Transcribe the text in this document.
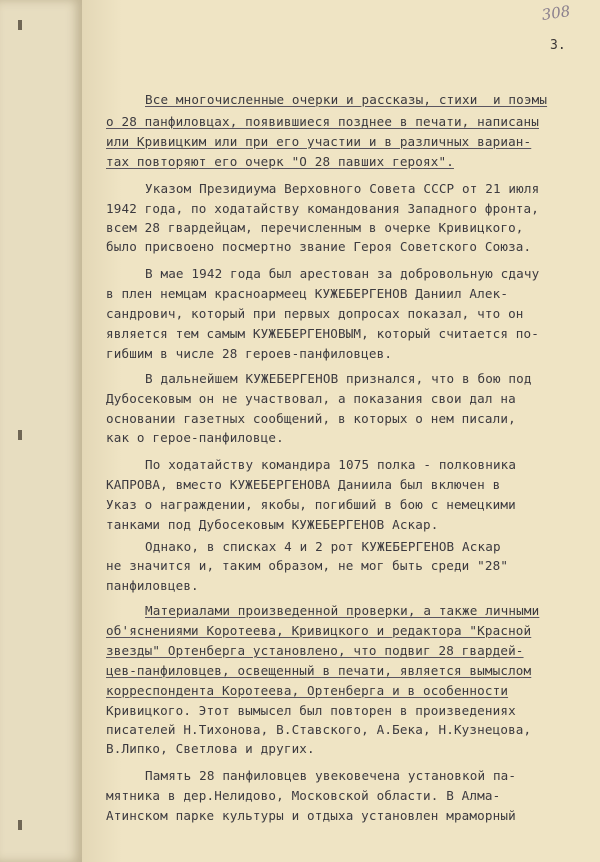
308
3.
Все многочисленные очерки и рассказы, стихи  и поэмы
о 28 панфиловцах, появившиеся позднее в печати, написаны
или Кривицким или при его участии и в различных вариан-
тах повторяют его очерк "О 28 павших героях".
Указом Президиума Верховного Совета СССР от 21 июля
1942 года, по ходатайству командования Западного фронта,
всем 28 гвардейцам, перечисленным в очерке Кривицкого,
было присвоено посмертно звание Героя Советского Союза.
В мае 1942 года был арестован за добровольную сдачу
в плен немцам красноармеец КУЖЕБЕРГЕНОВ Даниил Алек-
сандрович, который при первых допросах показал, что он
является тем самым КУЖЕБЕРГЕНОВЫМ, который считается по-
гибшим в числе 28 героев-панфиловцев.
В дальнейшем КУЖЕБЕРГЕНОВ признался, что в бою под
Дубосековым он не участвовал, а показания свои дал на
основании газетных сообщений, в которых о нем писали,
как о герое-панфиловце.
По ходатайству командира 1075 полка - полковника
КАПРОВА, вместо КУЖЕБЕРГЕНОВА Даниила был включен в
Указ о награждении, якобы, погибший в бою с немецкими
танками под Дубосековым КУЖЕБЕРГЕНОВ Аскар.
Однако, в списках 4 и 2 рот КУЖЕБЕРГЕНОВ Аскар
не значится и, таким образом, не мог быть среди "28"
панфиловцев.
Материалами произведенной проверки, а также личными
об'яснениями Коротеева, Кривицкого и редактора "Красной
звезды" Ортенберга установлено, что подвиг 28 гвардей-
цев-панфиловцев, освещенный в печати, является вымыслом
корреспондента Коротеева, Ортенберга и в особенности
Кривицкого. Этот вымысел был повторен в произведениях
писателей Н.Тихонова, В.Ставского, А.Бека, Н.Кузнецова,
В.Липко, Светлова и других.
Память 28 панфиловцев увековечена установкой па-
мятника в дер.Нелидово, Московской области. В Алма-
Атинском парке культуры и отдыха установлен мраморный
